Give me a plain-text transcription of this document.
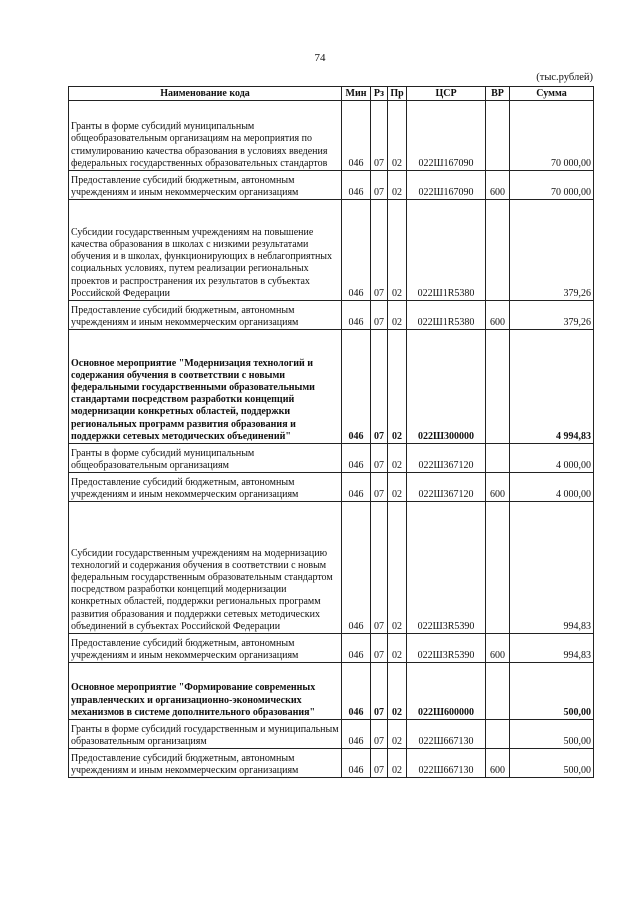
74
(тыс.рублей)
Наименование кода	Мин	Рз	Пр	ЦСР	ВР	Сумма
Гранты в форме субсидий муниципальным общеобразовательным организациям на мероприятия по стимулированию качества образования в условиях введения федеральных государственных образовательных стандартов	046	07	02	022Ш167090		70 000,00
Предоставление субсидий бюджетным, автономным учреждениям и иным некоммерческим организациям	046	07	02	022Ш167090	600	70 000,00
Субсидии государственным учреждениям на повышение качества образования в школах с низкими результатами обучения и в школах, функционирующих в неблагоприятных социальных условиях, путем реализации региональных проектов и распространения их результатов в субъектах Российской Федерации	046	07	02	022Ш1R5380		379,26
Предоставление субсидий бюджетным, автономным учреждениям и иным некоммерческим организациям	046	07	02	022Ш1R5380	600	379,26
Основное мероприятие "Модернизация технологий и содержания обучения в соответствии с новыми федеральными государственными образовательными стандартами посредством разработки концепций модернизации конкретных областей, поддержки региональных программ развития образования и поддержки сетевых методических объединений"	046	07	02	022Ш300000		4 994,83
Гранты в форме субсидий муниципальным общеобразовательным организациям	046	07	02	022Ш367120		4 000,00
Предоставление субсидий бюджетным, автономным учреждениям и иным некоммерческим организациям	046	07	02	022Ш367120	600	4 000,00
Субсидии государственным учреждениям на модернизацию технологий и содержания обучения в соответствии с новым федеральным государственным образовательным стандартом посредством разработки концепций модернизации конкретных областей, поддержки региональных программ развития образования и поддержки сетевых методических объединений в субъектах Российской Федерации	046	07	02	022Ш3R5390		994,83
Предоставление субсидий бюджетным, автономным учреждениям и иным некоммерческим организациям	046	07	02	022Ш3R5390	600	994,83
Основное мероприятие "Формирование современных управленческих и организационно-экономических механизмов в системе дополнительного образования"	046	07	02	022Ш600000		500,00
Гранты в форме субсидий государственным и муниципальным образовательным организациям	046	07	02	022Ш667130		500,00
Предоставление субсидий бюджетным, автономным учреждениям и иным некоммерческим организациям	046	07	02	022Ш667130	600	500,00
